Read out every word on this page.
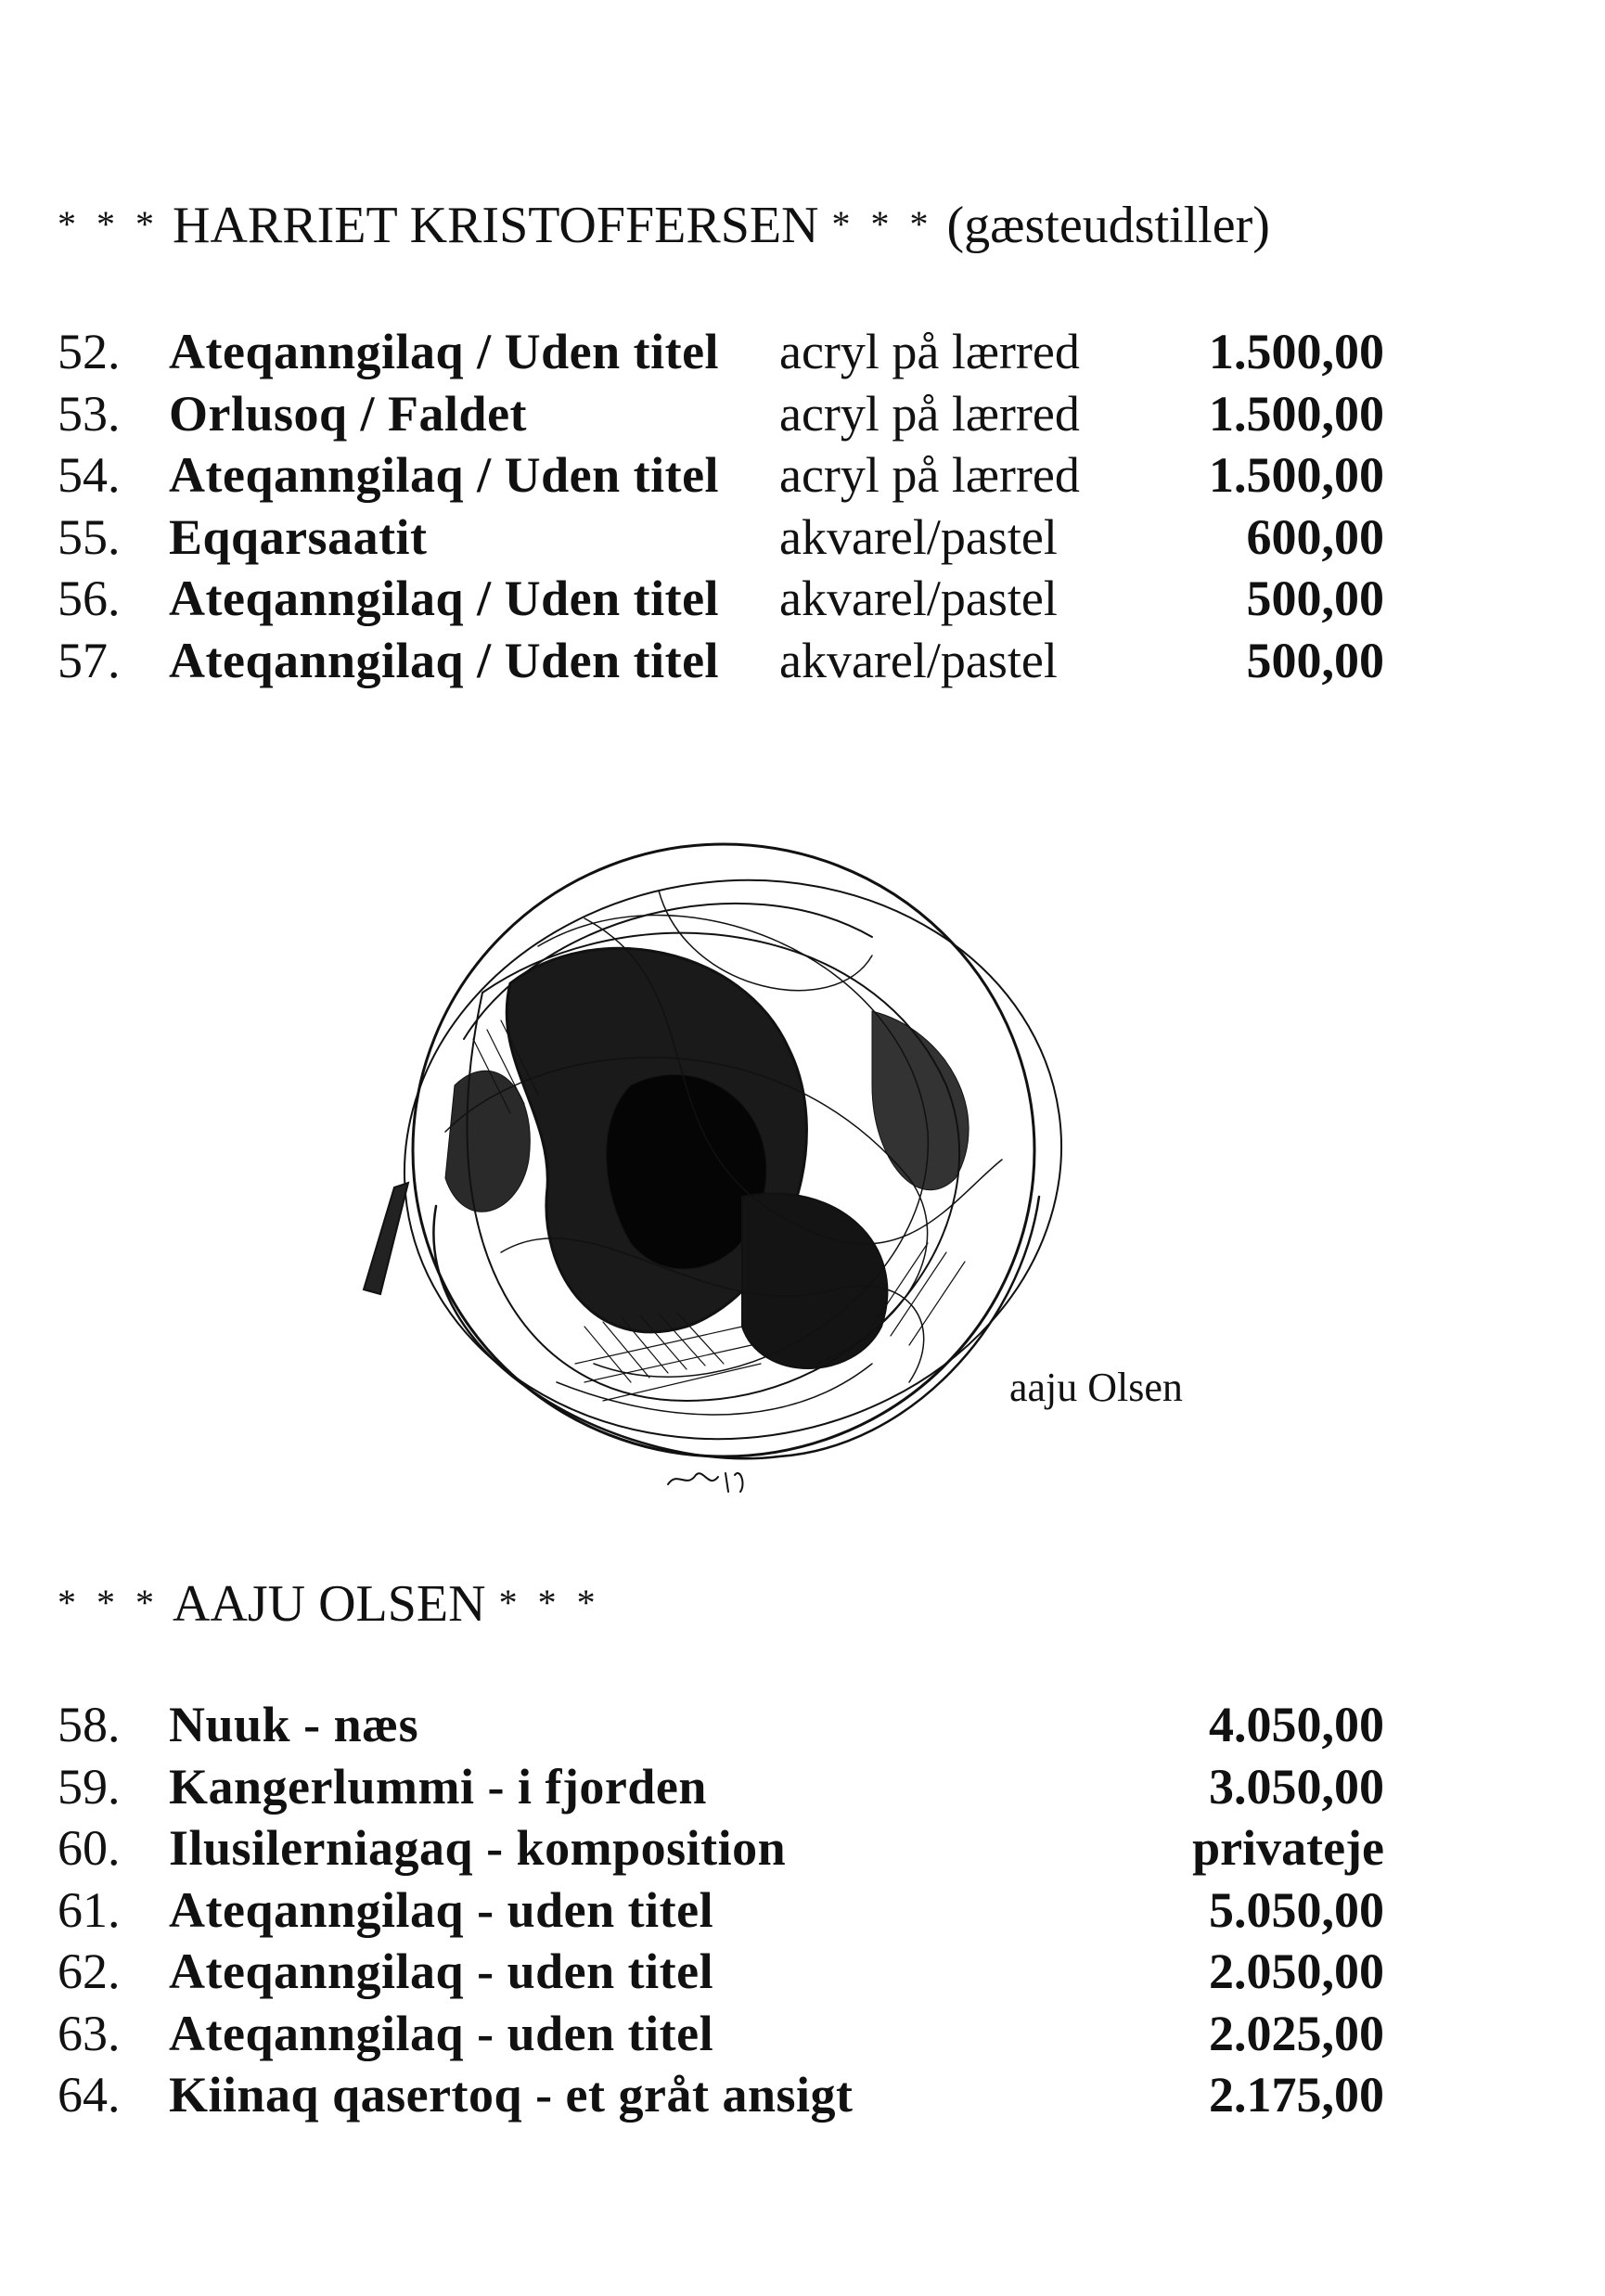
* * * HARRIET KRISTOFFERSEN * * * (gæsteudstiller)
52. Ateqanngilaq / Uden titel acryl på lærred	1.500,00
53. Orlusoq / Faldet	acryl på lærred	1.500,00
54. Ateqanngilaq / Uden titel acryl på lærred	1.500,00
55. Eqqarsaatit	akvarel/pastel	600,00
56. Ateqanngilaq / Uden titel akvarel/pastel	500,00
57. Ateqanngilaq / Uden titel akvarel/pastel	500,00
aaju 97
aaju Olsen
* * * AAJU OLSEN * * *
58. Nuuk - næs	4.050,00
59. Kangerlummi - i fjorden	3.050,00
60. Ilusilerniagaq - komposition	privateje
61. Ateqanngilaq - uden titel	5.050,00
62. Ateqanngilaq - uden titel	2.050,00
63. Ateqanngilaq - uden titel	2.025,00
64. Kiinaq qasertoq - et gråt ansigt	2.175,00
